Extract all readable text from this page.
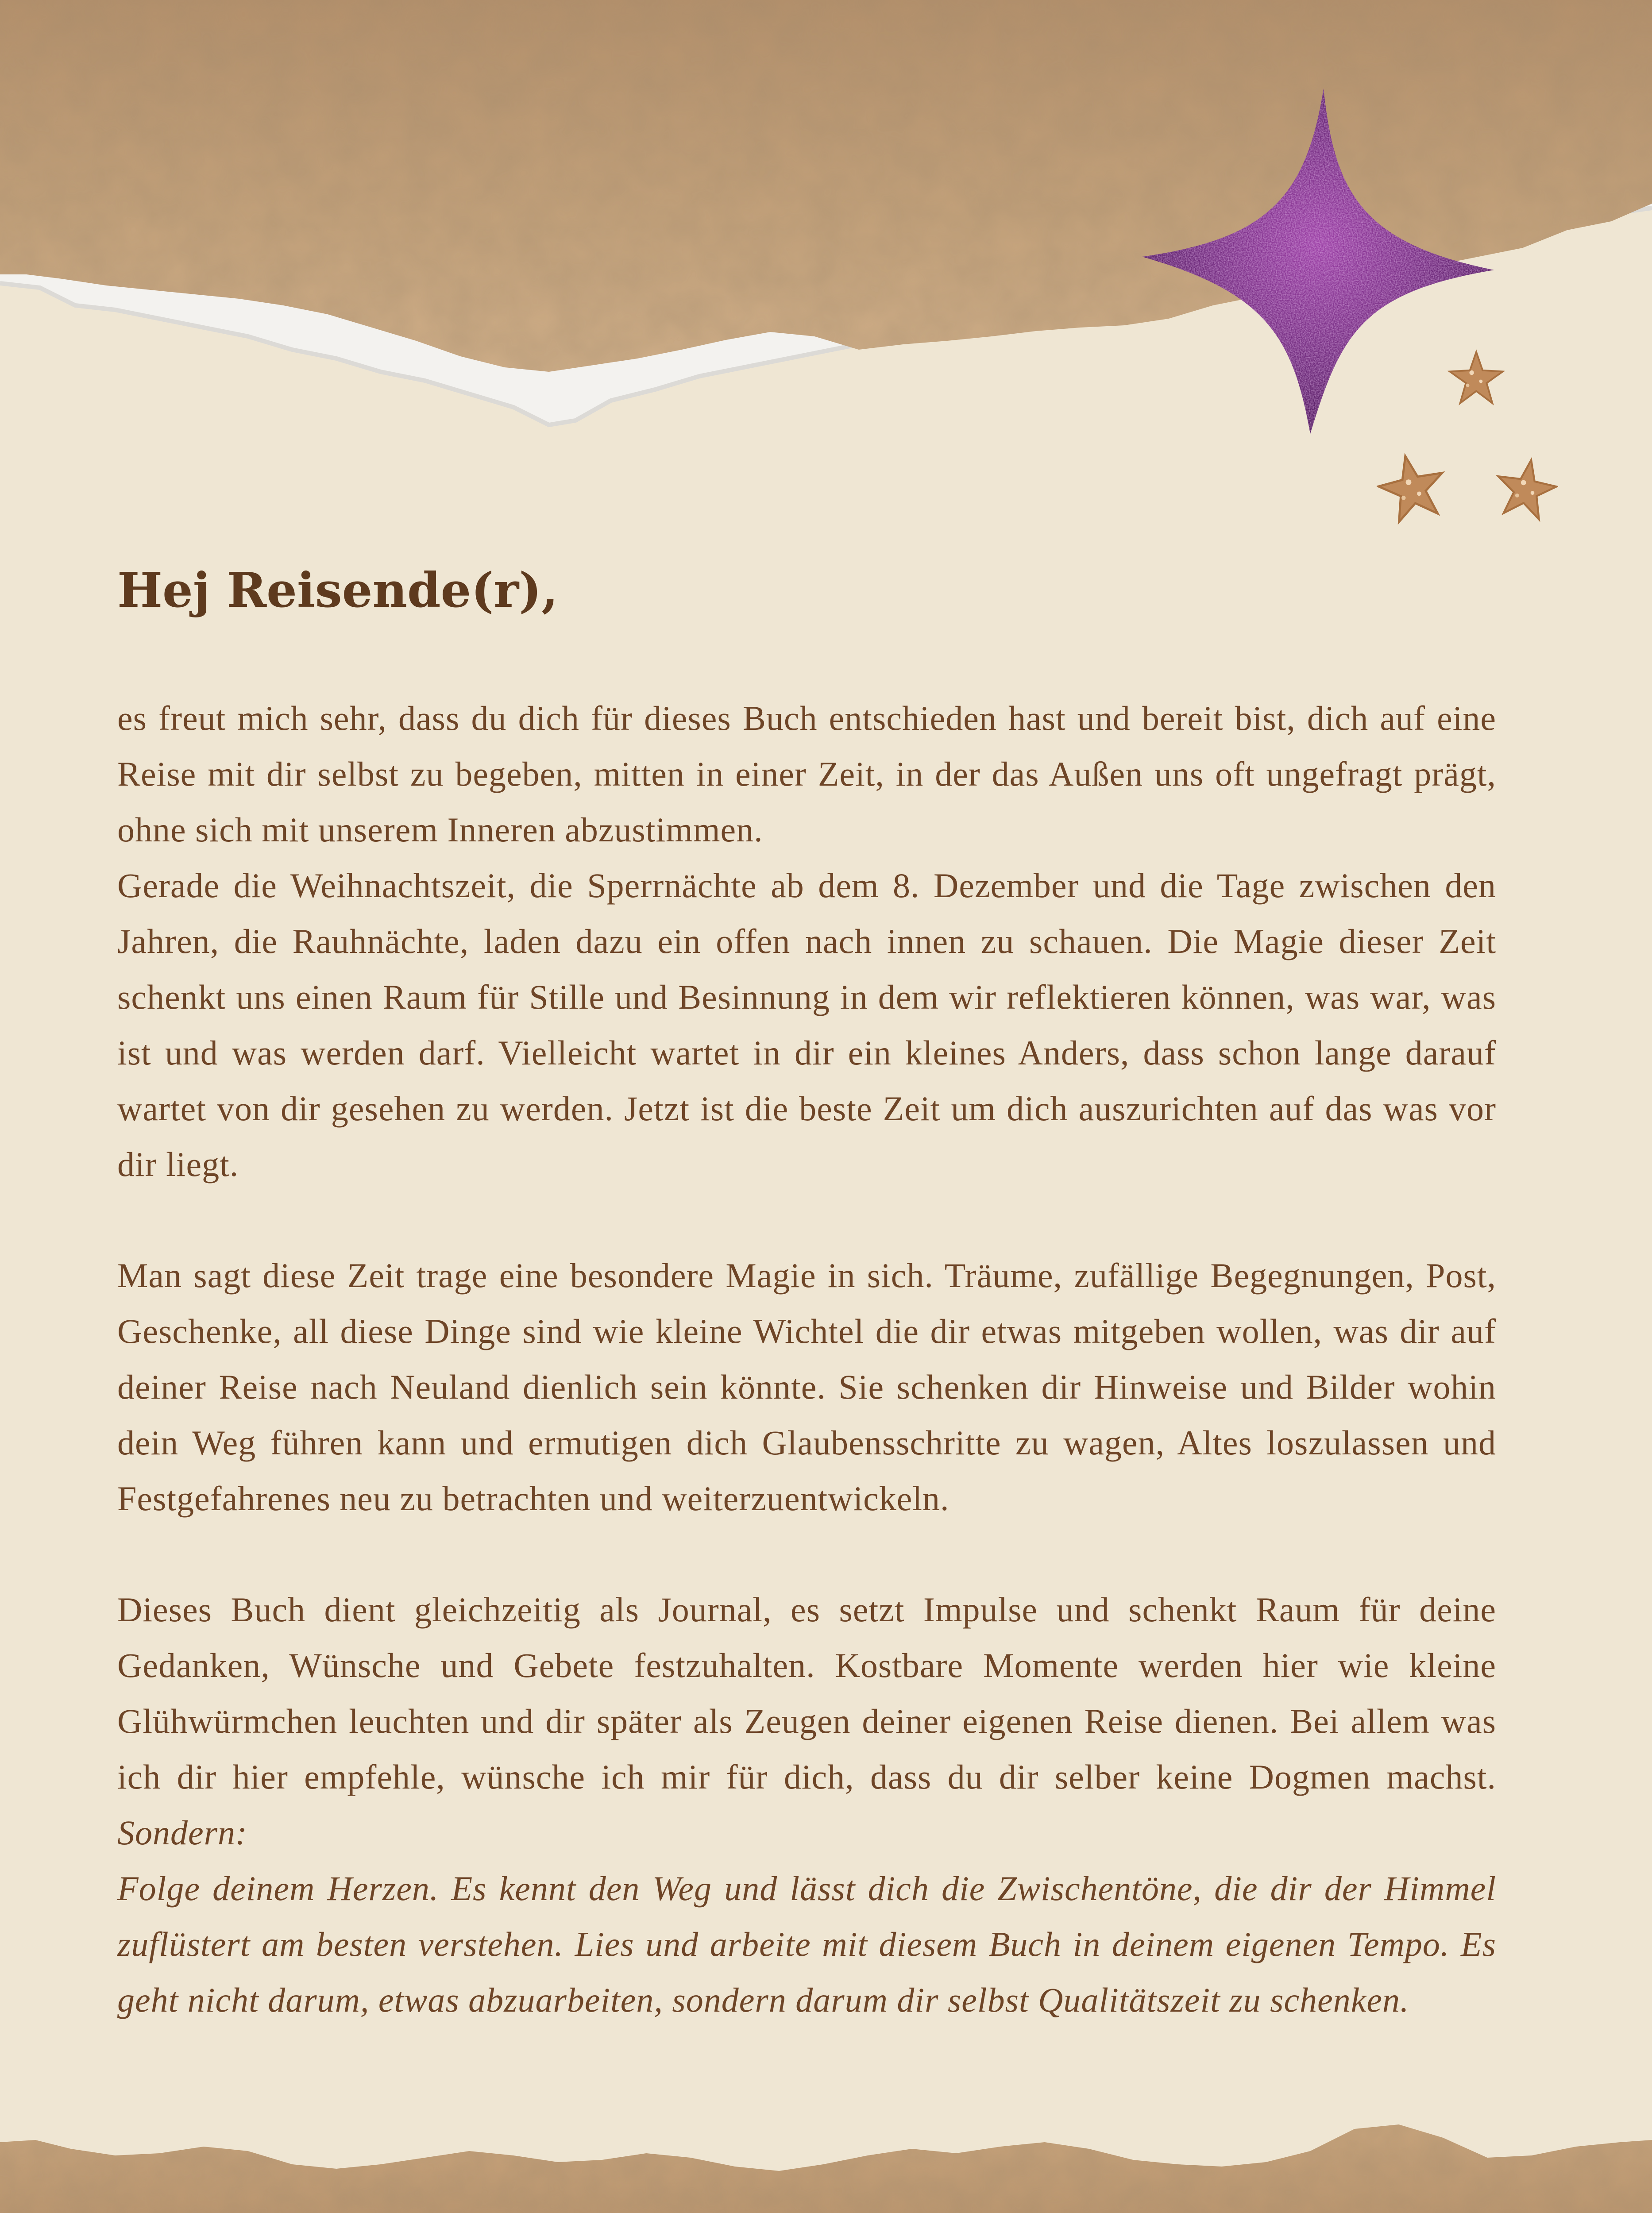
Hej Reisende(r),

es freut mich sehr, dass du dich für dieses Buch entschieden hast und bereit bist, dich auf eine Reise mit dir selbst zu begeben, mitten in einer Zeit, in der das Außen uns oft ungefragt prägt, ohne sich mit unserem Inneren abzustimmen.
Gerade die Weihnachtszeit, die Sperrnächte ab dem 8. Dezember und die Tage zwischen den Jahren, die Rauhnächte, laden dazu ein offen nach innen zu schauen. Die Magie dieser Zeit schenkt uns einen Raum für Stille und Besinnung in dem wir reflektieren können, was war, was ist und was werden darf. Vielleicht wartet in dir ein kleines Anders, dass schon lange darauf wartet von dir gesehen zu werden. Jetzt ist die beste Zeit um dich auszurichten auf das was vor dir liegt.

Man sagt diese Zeit trage eine besondere Magie in sich. Träume, zufällige Begegnungen, Post, Geschenke, all diese Dinge sind wie kleine Wichtel die dir etwas mitgeben wollen, was dir auf deiner Reise nach Neuland dienlich sein könnte. Sie schenken dir Hinweise und Bilder wohin dein Weg führen kann und ermutigen dich Glaubensschritte zu wagen, Altes loszulassen und Festgefahrenes neu zu betrachten und weiterzuentwickeln.

Dieses Buch dient gleichzeitig als Journal, es setzt Impulse und schenkt Raum für deine Gedanken, Wünsche und Gebete festzuhalten. Kostbare Momente werden hier wie kleine Glühwürmchen leuchten und dir später als Zeugen deiner eigenen Reise dienen. Bei allem was ich dir hier empfehle, wünsche ich mir für dich, dass du dir selber keine Dogmen machst. Sondern:
Folge deinem Herzen. Es kennt den Weg und lässt dich die Zwischentöne, die dir der Himmel zuflüstert am besten verstehen. Lies und arbeite mit diesem Buch in deinem eigenen Tempo. Es geht nicht darum, etwas abzuarbeiten, sondern darum dir selbst Qualitätszeit zu schenken.
